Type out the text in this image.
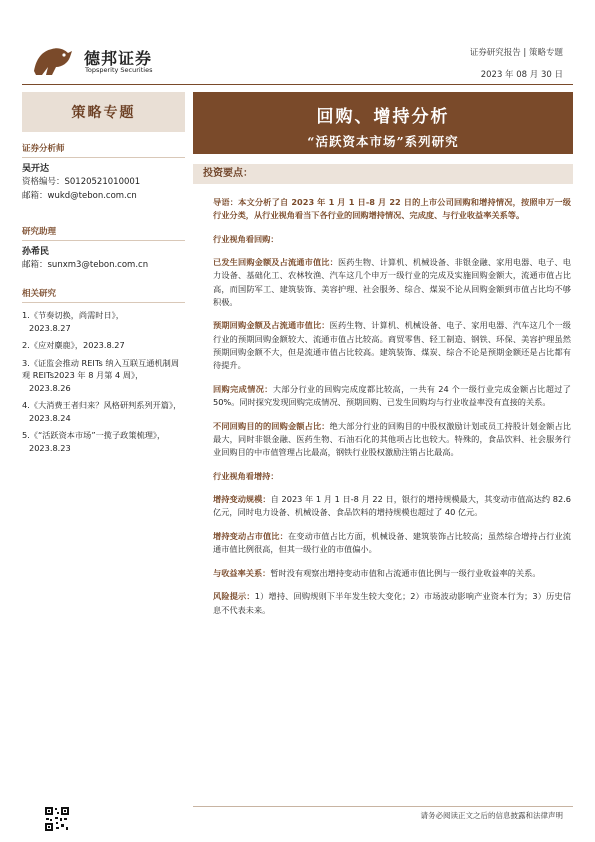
德邦证券
Topsperity Securities
证券研究报告 | 策略专题
2023 年 08 月 30 日
策略专题
证券分析师
吴开达
资格编号：S0120521010001
邮箱：wukd@tebon.com.cn
研究助理
孙希民
邮箱：sunxm3@tebon.com.cn
相关研究
1.《节奏切换，尚需时日》，
2023.8.27
2.《应对麋鹿》，2023.8.27
3.《证监会推动 REITs 纳入互联互通机制周观 REITs2023 年 8 月第 4 周》，
2023.8.26
4.《大消费王者归来？风格研判系列开篇》，
2023.8.24
5.《“活跃资本市场”一揽子政策梳理》，
2023.8.23
回购、增持分析
“活跃资本市场”系列研究
投资要点：

导语：本文分析了自 2023 年 1 月 1 日-8 月 22 日的上市公司回购和增持情况，按照申万一级行业分类，从行业视角看当下各行业的回购增持情况、完成度、与行业收益率关系等。

行业视角看回购：

已发生回购金额及占流通市值比：医药生物、计算机、机械设备、非银金融、家用电器、电子、电力设备、基础化工、农林牧渔、汽车这几个申万一级行业的完成及实施回购金额大，流通市值占比高，而国防军工、建筑装饰、美容护理、社会服务、综合、煤炭不论从回购金额到市值占比均不够积极。

预期回购金额及占流通市值比：医药生物、计算机、机械设备、电子、家用电器、汽车这几个一级行业的预期回购金额较大、流通市值占比较高。商贸零售、轻工制造、钢铁、环保、美容护理虽然预期回购金额不大，但是流通市值占比较高。建筑装饰、煤炭、综合不论是预期金额还是占比都有待提升。

回购完成情况：大部分行业的回购完成度都比较高，一共有 24 个一级行业完成金额占比超过了 50%。同时探究发现回购完成情况、预期回购、已发生回购均与行业收益率没有直接的关系。

不同回购目的的回购金额占比：绝大部分行业的回购目的中股权激励计划或员工持股计划金额占比最大，同时非银金融、医药生物、石油石化的其他项占比也较大。特殊的，食品饮料、社会服务行业回购目的中市值管理占比最高，钢铁行业股权激励注销占比最高。

行业视角看增持：

增持变动规模：自 2023 年 1 月 1 日-8 月 22 日，银行的增持规模最大，其变动市值高达约 82.6 亿元，同时电力设备、机械设备、食品饮料的增持规模也超过了 40 亿元。

增持变动占市值比：在变动市值占比方面，机械设备、建筑装饰占比较高；虽然综合增持占行业流通市值比例很高，但其一级行业的市值偏小。

与收益率关系：暂时没有观察出增持变动市值和占流通市值比例与一级行业收益率的关系。

风险提示：1）增持、回购规则下半年发生较大变化；2）市场波动影响产业资本行为；3）历史信息不代表未来。

请务必阅读正文之后的信息披露和法律声明
